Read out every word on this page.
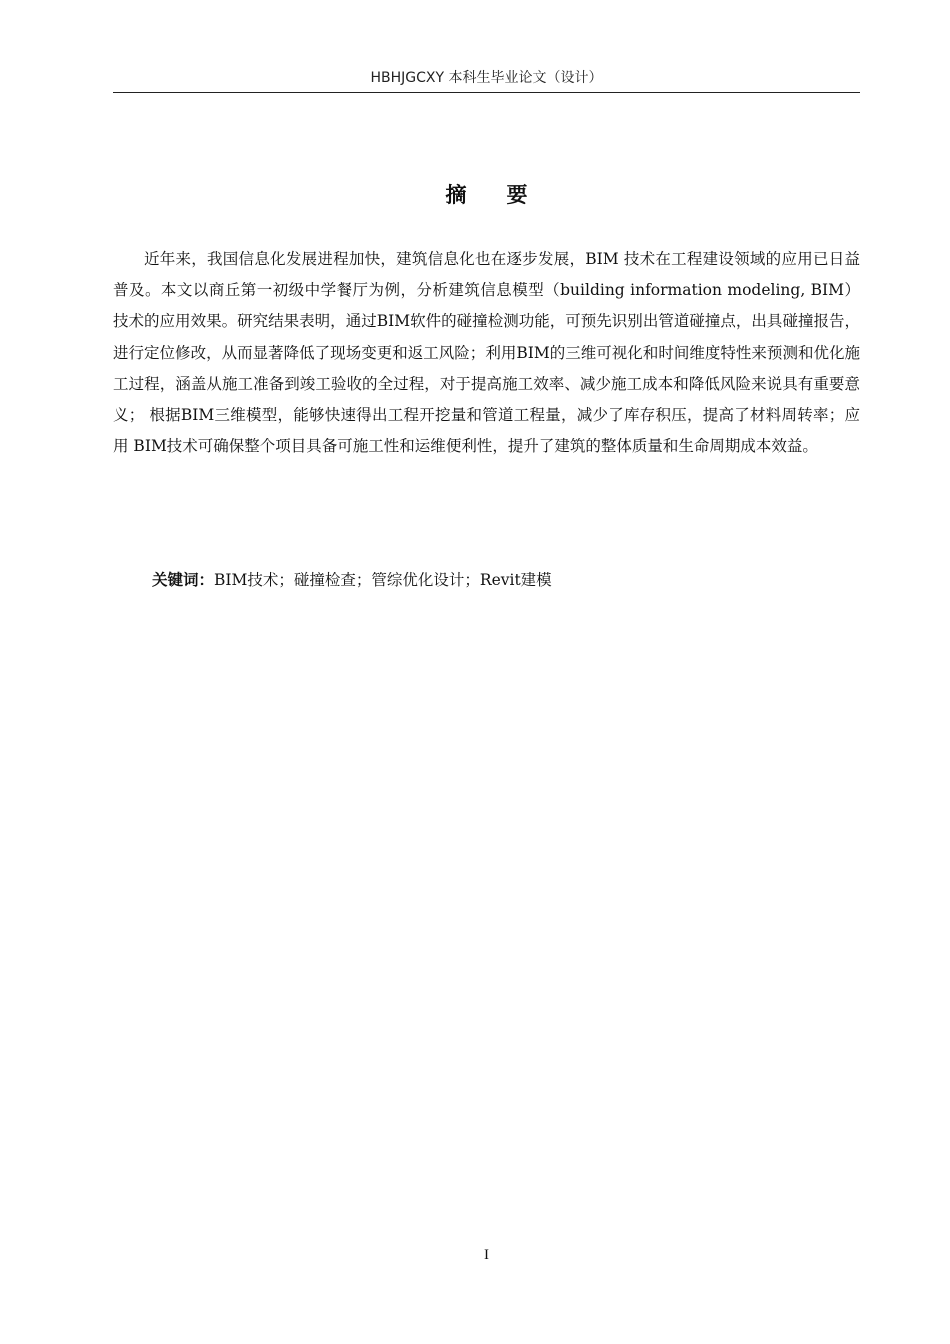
HBHJGCXY 本科生毕业论文（设计）
摘 要

近年来，我国信息化发展进程加快，建筑信息化也在逐步发展，BIM 技术在工程建设领域的应用已日益普及。本文以商丘第一初级中学餐厅为例，分析建筑信息模型（building information modeling, BIM）技术的应用效果。研究结果表明，通过BIM软件的碰撞检测功能，可预先识别出管道碰撞点，出具碰撞报告，进行定位修改，从而显著降低了现场变更和返工风险；利用BIM的三维可视化和时间维度特性来预测和优化施工过程，涵盖从施工准备到竣工验收的全过程，对于提高施工效率、减少施工成本和降低风险来说具有重要意义； 根据BIM三维模型，能够快速得出工程开挖量和管道工程量，减少了库存积压，提高了材料周转率；应用 BIM技术可确保整个项目具备可施工性和运维便利性，提升了建筑的整体质量和生命周期成本效益。

关键词：BIM技术；碰撞检查；管综优化设计；Revit建模
I
